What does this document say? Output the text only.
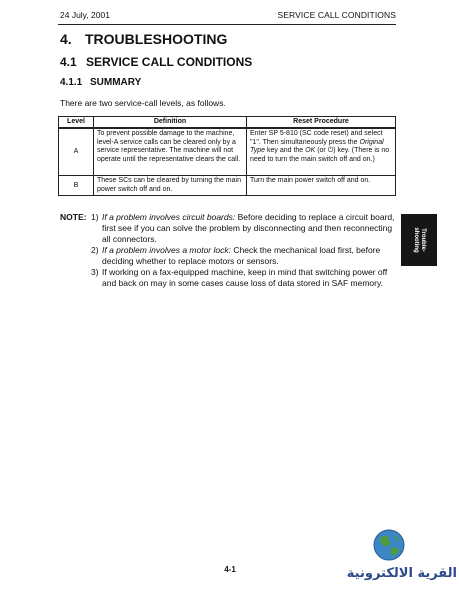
24 July, 2001	SERVICE CALL CONDITIONS
4. TROUBLESHOOTING
4.1 SERVICE CALL CONDITIONS
4.1.1 SUMMARY
There are two service-call levels, as follows.
Level	Definition	Reset Procedure
A	To prevent possible damage to the machine, level-A service calls can be cleared only by a service representative. The machine will not operate until the representative clears the call.	Enter SP 5-810 (SC code reset) and select "1". Then simultaneously press the Original Type key and the OK (or ⏻) key. (There is no need to turn the main switch off and on.)
B	These SCs can be cleared by turning the main power switch off and on.	Turn the main power switch off and on.
NOTE: 1) If a problem involves circuit boards: Before deciding to replace a circuit board, first see if you can solve the problem by disconnecting and then reconnecting all connectors.
2) If a problem involves a motor lock: Check the mechanical load first, before deciding whether to replace motors or sensors.
3) If working on a fax-equipped machine, keep in mind that switching power off and back on may in some cases cause loss of data stored in SAF memory.
Trouble-
shooting
4-1	القرية الالكترونية
